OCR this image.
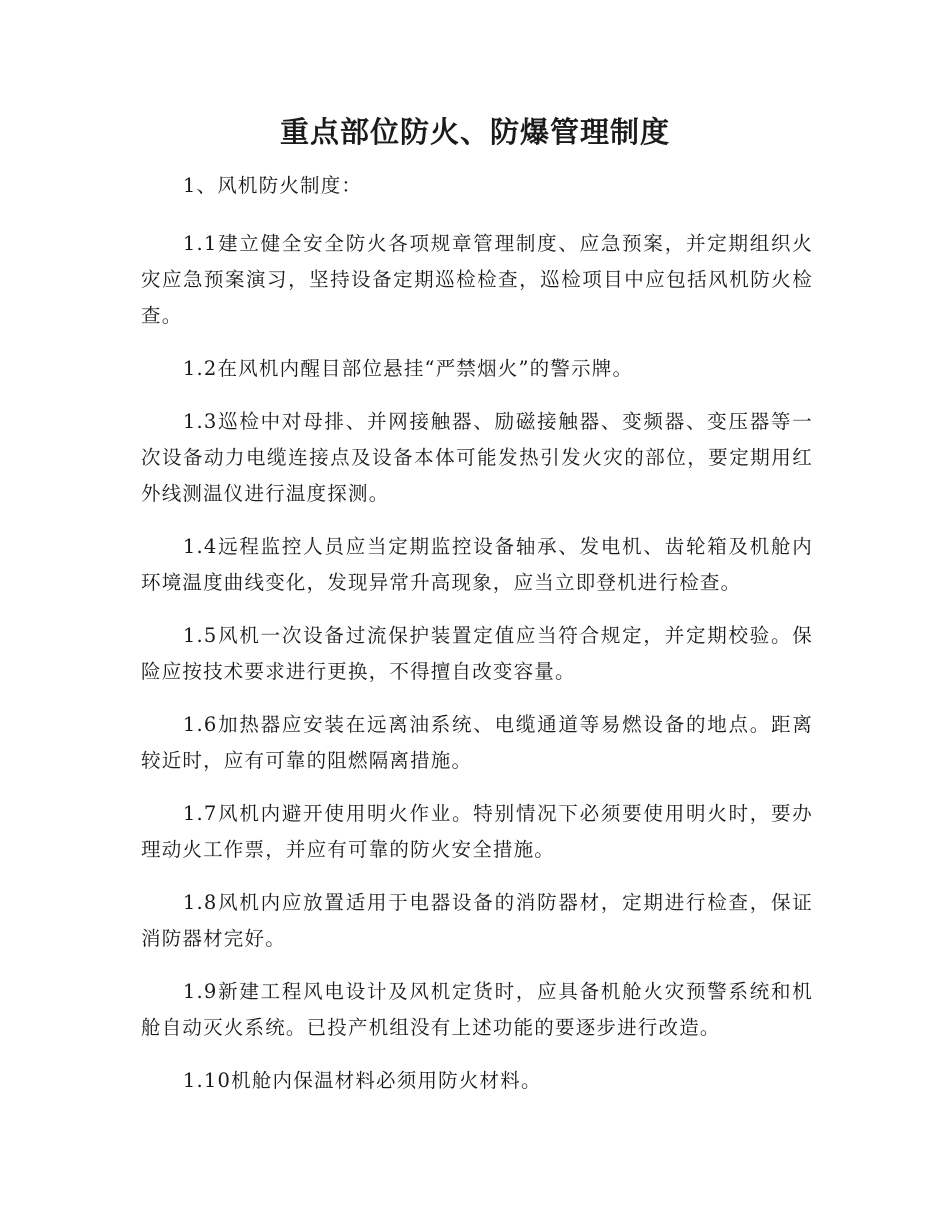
重点部位防火、防爆管理制度

1、风机防火制度：

1.1建立健全安全防火各项规章管理制度、应急预案，并定期组织火灾应急预案演习，坚持设备定期巡检检查，巡检项目中应包括风机防火检查。

1.2在风机内醒目部位悬挂“严禁烟火”的警示牌。

1.3巡检中对母排、并网接触器、励磁接触器、变频器、变压器等一次设备动力电缆连接点及设备本体可能发热引发火灾的部位，要定期用红外线测温仪进行温度探测。

1.4远程监控人员应当定期监控设备轴承、发电机、齿轮箱及机舱内环境温度曲线变化，发现异常升高现象，应当立即登机进行检查。

1.5风机一次设备过流保护装置定值应当符合规定，并定期校验。保险应按技术要求进行更换，不得擅自改变容量。

1.6加热器应安装在远离油系统、电缆通道等易燃设备的地点。距离较近时，应有可靠的阻燃隔离措施。

1.7风机内避开使用明火作业。特别情况下必须要使用明火时，要办理动火工作票，并应有可靠的防火安全措施。

1.8风机内应放置适用于电器设备的消防器材，定期进行检查，保证消防器材完好。

1.9新建工程风电设计及风机定货时，应具备机舱火灾预警系统和机舱自动灭火系统。已投产机组没有上述功能的要逐步进行改造。

1.10机舱内保温材料必须用防火材料。
